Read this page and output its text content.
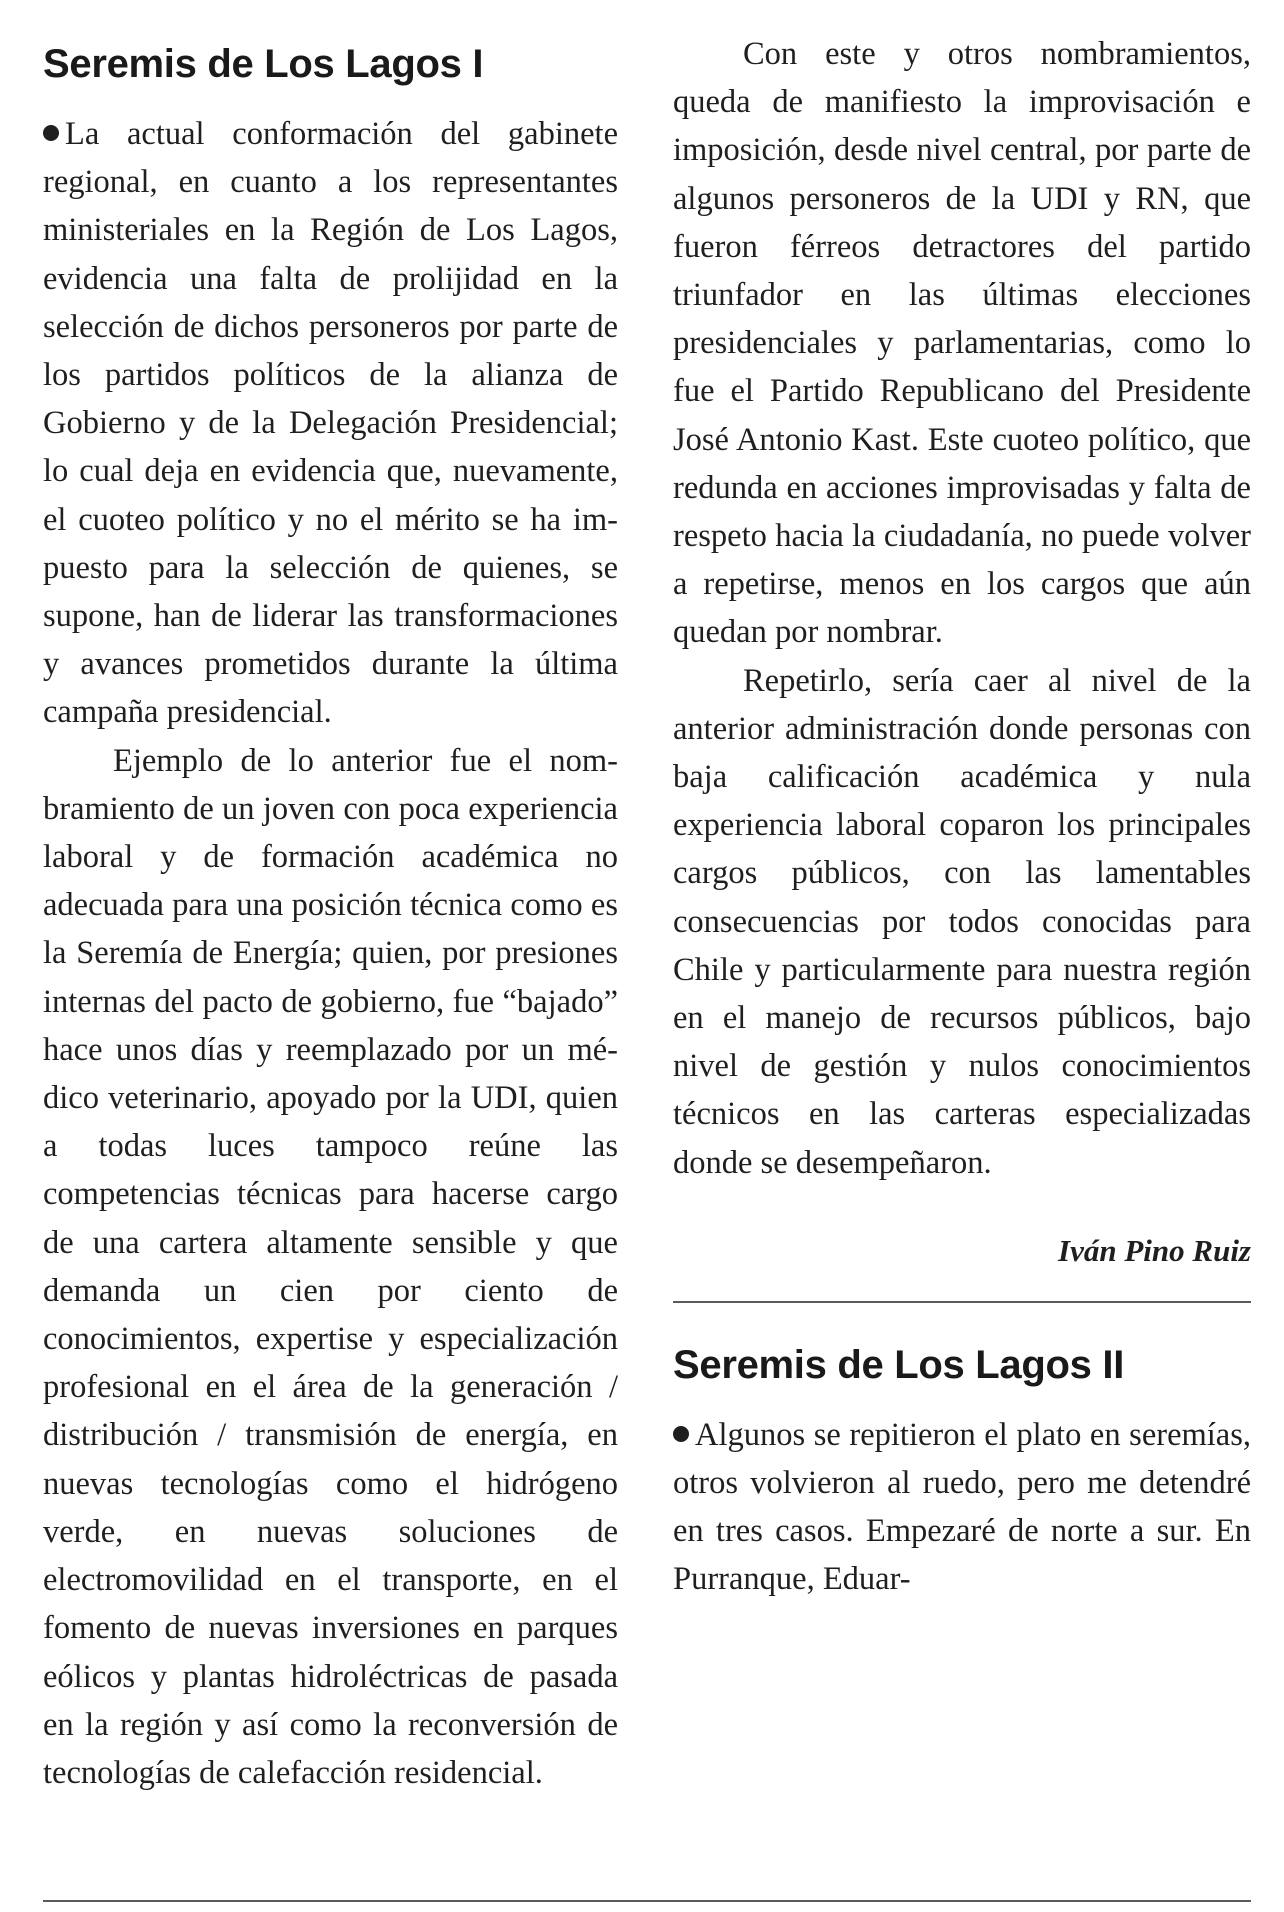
Seremis de Los Lagos I

La actual conformación del gabinete regional, en cuanto a los representantes ministeriales en la Región de Los Lagos, evidencia una falta de prolijidad en la selección de dichos personeros por parte de los partidos políticos de la alianza de Gobierno y de la Delegación Presidencial; lo cual deja en evidencia que, nuevamente, el cuoteo político y no el mérito se ha impuesto para la selección de quienes, se supone, han de liderar las transformaciones y avances prometidos durante la última campaña presidencial.

Ejemplo de lo anterior fue el nombramiento de un joven con poca experiencia laboral y de formación académica no adecuada para una posición técnica como es la Seremía de Energía; quien, por presiones internas del pacto de gobierno, fue “bajado” hace unos días y reemplazado por un médico veterinario, apoyado por la UDI, quien a todas luces tampoco reúne las competencias técnicas para hacerse cargo de una cartera altamente sensible y que demanda un cien por ciento de conocimientos, expertise y especialización profesional en el área de la generación / distribución / transmisión de energía, en nuevas tecnologías como el hidrógeno verde, en nuevas soluciones de electromovilidad en el transporte, en el fomento de nuevas inversiones en parques eólicos y plantas hidroléctricas de pasada en la región y así como la reconversión de tecnologías de calefacción residencial.

Con este y otros nombramientos, queda de manifiesto la improvisación e imposición, desde nivel central, por parte de algunos personeros de la UDI y RN, que fueron férreos detractores del partido triunfador en las últimas elecciones presidenciales y parlamentarias, como lo fue el Partido Republicano del Presidente José Antonio Kast. Este cuoteo político, que redunda en acciones improvisadas y falta de respeto hacia la ciudadanía, no puede volver a repetirse, menos en los cargos que aún quedan por nombrar.

Repetirlo, sería caer al nivel de la anterior administración donde personas con baja calificación académica y nula experiencia laboral coparon los principales cargos públicos, con las lamentables consecuencias por todos conocidas para Chile y particularmente para nuestra región en el manejo de recursos públicos, bajo nivel de gestión y nulos conocimientos técnicos en las carteras especializadas donde se desempeñaron.

Iván Pino Ruiz
Seremis de Los Lagos II

Algunos se repitieron el plato en seremías, otros volvieron al ruedo, pero me detendré en tres casos. Empezaré de norte a sur. En Purranque, Eduar-
